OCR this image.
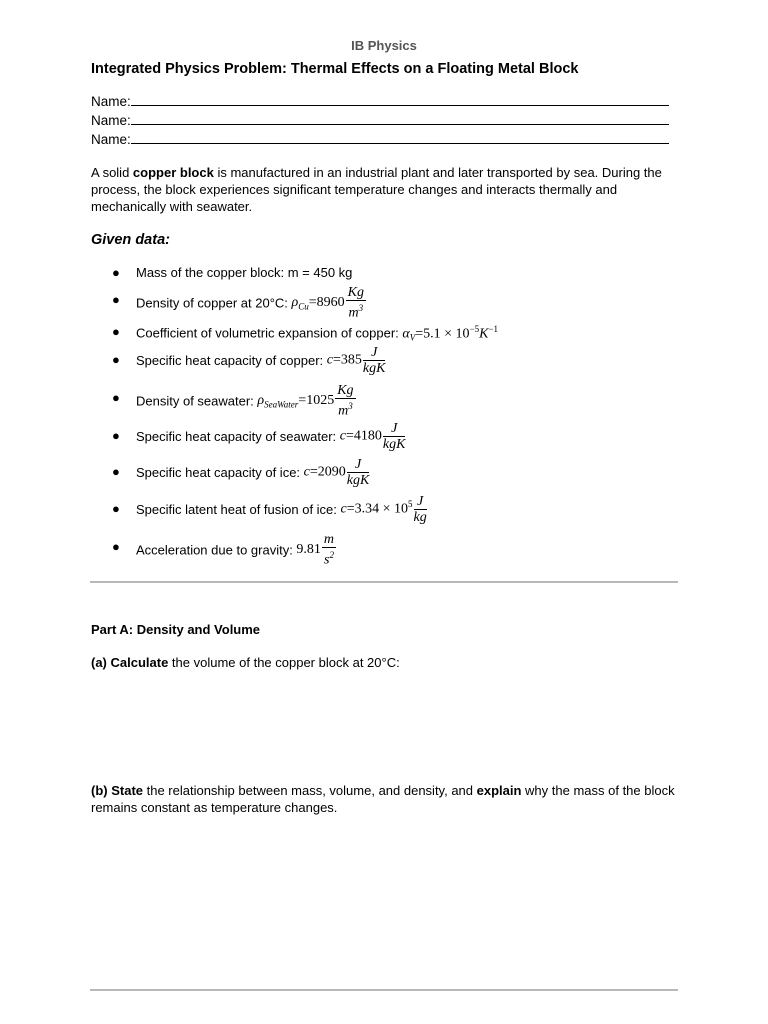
IB Physics
Integrated Physics Problem: Thermal Effects on a Floating Metal Block
Name:
Name:
Name:
A solid copper block is manufactured in an industrial plant and later transported by sea. During the process, the block experiences significant temperature changes and interacts thermally and mechanically with seawater.
Given data:
● Mass of the copper block: m = 450 kg
● Density of copper at 20°C: $\rho_{Cu}=8960 \frac{Kg}{m^3}$
● Coefficient of volumetric expansion of copper: $\alpha_V=5.1 \times 10^{-5}K^{-1}$
● Specific heat capacity of copper: $c=385 \frac{J}{\text{kgK}}$
● Density of seawater: $\rho_{SeaWater}=1025 \frac{Kg}{m^3}$
● Specific heat capacity of seawater: $c=4180 \frac{J}{\text{kgK}}$
● Specific heat capacity of ice: $c=2090 \frac{J}{\text{kgK}}$
● Specific latent heat of fusion of ice: $c=3.34 \times 10^5 \frac{J}{kg}$
● Acceleration due to gravity: $9.81 \frac{m}{s^2}$
Part A: Density and Volume
(a) Calculate the volume of the copper block at 20°C:
(b) State the relationship between mass, volume, and density, and explain why the mass of the block remains constant as temperature changes.
